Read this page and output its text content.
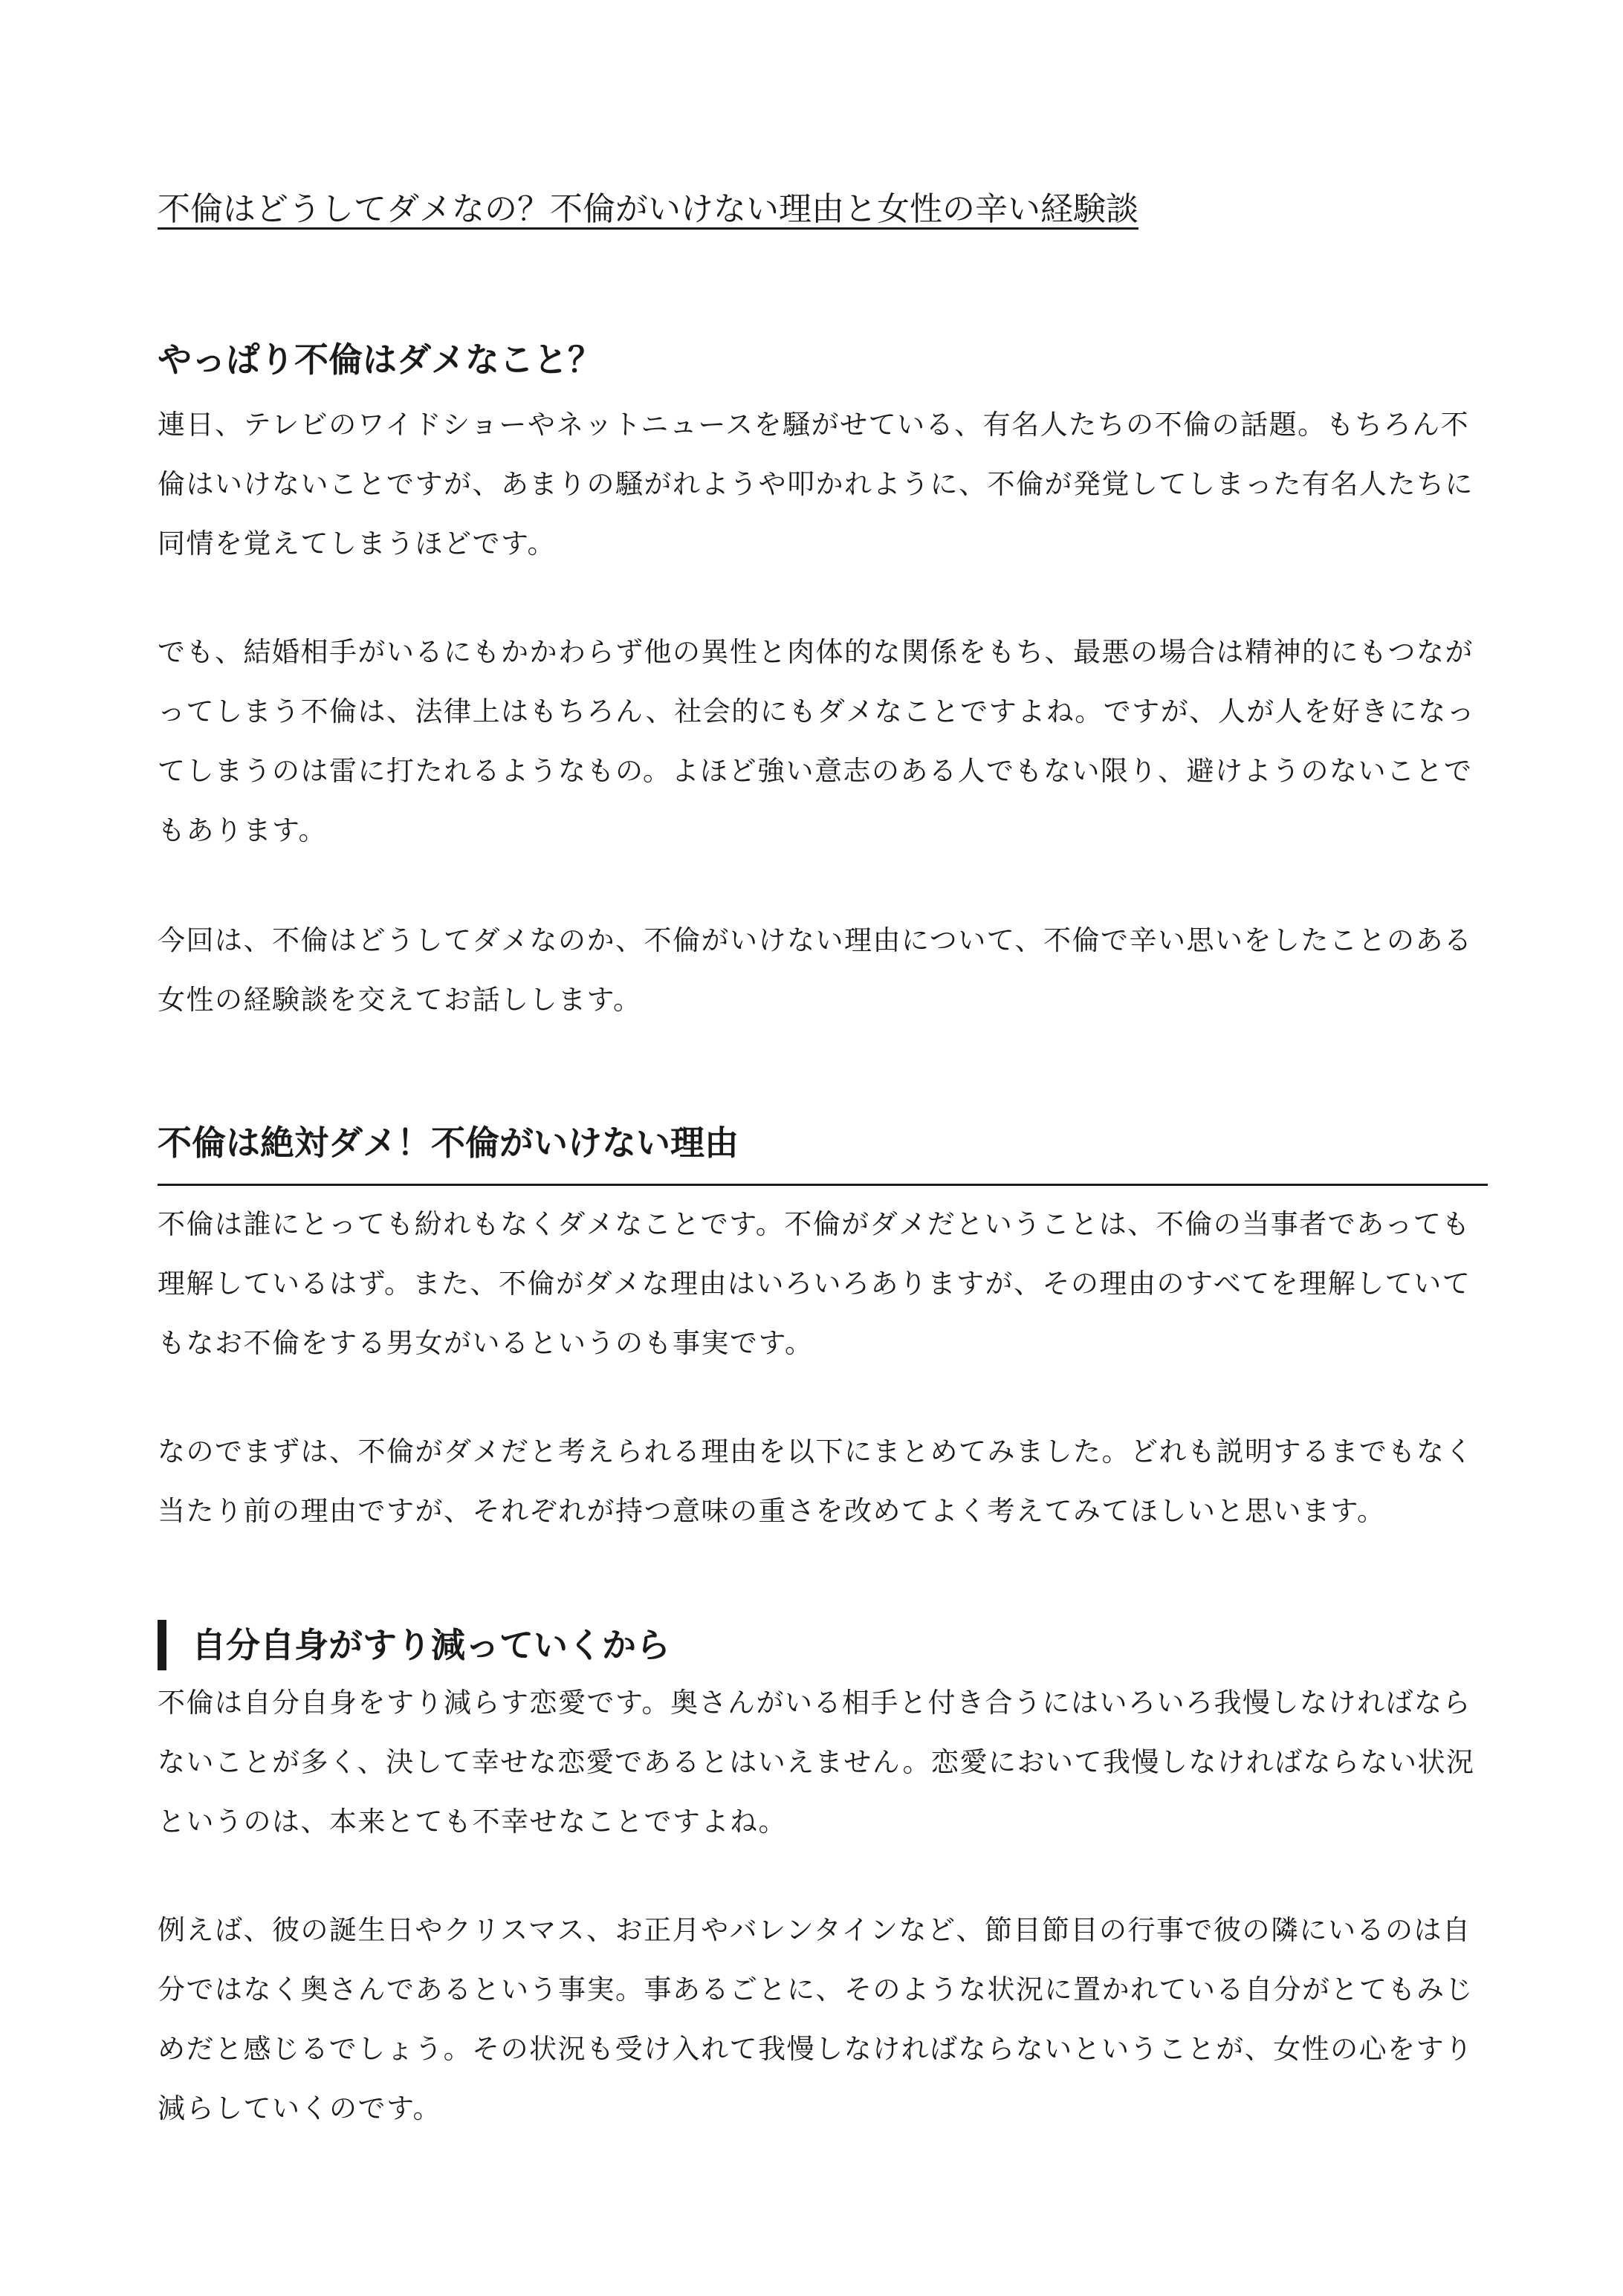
不倫はどうしてダメなの？不倫がいけない理由と女性の辛い経験談
やっぱり不倫はダメなこと？

連日、テレビのワイドショーやネットニュースを騒がせている、有名人たちの不倫の話題。もちろん不倫はいけないことですが、あまりの騒がれようや叩かれように、不倫が発覚してしまった有名人たちに同情を覚えてしまうほどです。

でも、結婚相手がいるにもかかわらず他の異性と肉体的な関係をもち、最悪の場合は精神的にもつながってしまう不倫は、法律上はもちろん、社会的にもダメなことですよね。ですが、人が人を好きになってしまうのは雷に打たれるようなもの。よほど強い意志のある人でもない限り、避けようのないことでもあります。

今回は、不倫はどうしてダメなのか、不倫がいけない理由について、不倫で辛い思いをしたことのある女性の経験談を交えてお話しします。

不倫は絶対ダメ！不倫がいけない理由

不倫は誰にとっても紛れもなくダメなことです。不倫がダメだということは、不倫の当事者であっても理解しているはず。また、不倫がダメな理由はいろいろありますが、その理由のすべてを理解していてもなお不倫をする男女がいるというのも事実です。

なのでまずは、不倫がダメだと考えられる理由を以下にまとめてみました。どれも説明するまでもなく当たり前の理由ですが、それぞれが持つ意味の重さを改めてよく考えてみてほしいと思います。

自分自身がすり減っていくから

不倫は自分自身をすり減らす恋愛です。奥さんがいる相手と付き合うにはいろいろ我慢しなければならないことが多く、決して幸せな恋愛であるとはいえません。恋愛において我慢しなければならない状況というのは、本来とても不幸せなことですよね。

例えば、彼の誕生日やクリスマス、お正月やバレンタインなど、節目節目の行事で彼の隣にいるのは自分ではなく奥さんであるという事実。事あるごとに、そのような状況に置かれている自分がとてもみじめだと感じるでしょう。その状況も受け入れて我慢しなければならないということが、女性の心をすり減らしていくのです。
